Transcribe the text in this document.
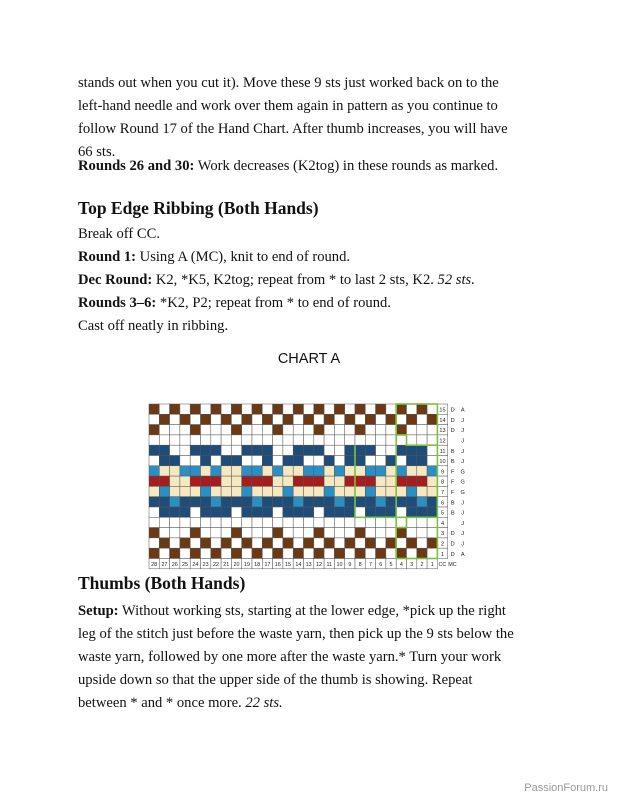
stands out when you cut it). Move these 9 sts just worked back on to the

left-hand needle and work over them again in pattern as you continue to

follow Round 17 of the Hand Chart. After thumb increases, you will have

66 sts.

Rounds 26 and 30: Work decreases (K2tog) in these rounds as marked.
Top Edge Ribbing (Both Hands)

Break off CC.

Round 1: Using A (MC), knit to end of round.

Dec Round: K2, *K5, K2tog; repeat from * to last 2 sts, K2. 52 sts.

Rounds 3–6: *K2, P2; repeat from * to end of round.

Cast off neatly in ribbing.

CHART A
15 D A
14 D J
13 D J
12	J
11 B J
10 B J
9 F G
8 F G
7 F G
6 B J
5 B J
4	J
3 D J
2 D J
1 D A
28 27 26 25 24 23 22 21 20 19 18 17 16 15 14 13 12 11 10 9 8 7 6 5 4 3 2 1 CC MC
Thumbs (Both Hands)

Setup: Without working sts, starting at the lower edge, *pick up the right

leg of the stitch just before the waste yarn, then pick up the 9 sts below the

waste yarn, followed by one more after the waste yarn.* Turn your work

upside down so that the upper side of the thumb is showing. Repeat

between * and * once more. 22 sts.

PassionForum.ru
